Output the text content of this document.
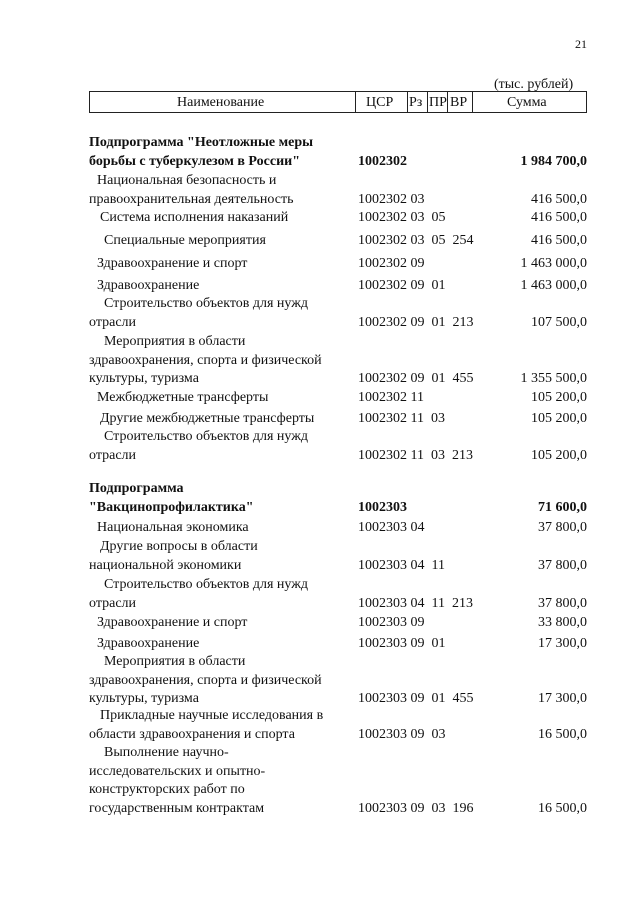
21
(тыс. рублей)
Наименование	ЦСР Рз ПР ВР	Сумма
Подпрограмма "Неотложные меры
борьбы с туберкулезом в России"	1002302	1 984 700,0
Национальная безопасность и
правоохранительная деятельность	1002302 03	416 500,0
Система исполнения наказаний	1002302 03  05	416 500,0
Специальные мероприятия	1002302 03  05  254	416 500,0
Здравоохранение и спорт	1002302 09	1 463 000,0
Здравоохранение	1002302 09  01	1 463 000,0
Строительство объектов для нужд
отрасли	1002302 09  01  213	107 500,0
Мероприятия в области
здравоохранения, спорта и физической
культуры, туризма	1002302 09  01  455	1 355 500,0
Межбюджетные трансферты	1002302 11	105 200,0
Другие межбюджетные трансферты	1002302 11  03	105 200,0
Строительство объектов для нужд
отрасли	1002302 11  03  213	105 200,0
Подпрограмма
"Вакцинопрофилактика"	1002303	71 600,0
Национальная экономика	1002303 04	37 800,0
Другие вопросы в области
национальной экономики	1002303 04  11	37 800,0
Строительство объектов для нужд
отрасли	1002303 04  11  213	37 800,0
Здравоохранение и спорт	1002303 09	33 800,0
Здравоохранение	1002303 09  01	17 300,0
Мероприятия в области
здравоохранения, спорта и физической
культуры, туризма	1002303 09  01  455	17 300,0
Прикладные научные исследования в
области здравоохранения и спорта	1002303 09  03	16 500,0
Выполнение научно-
исследовательских и опытно-
конструкторских работ по
государственным контрактам	1002303 09  03  196	16 500,0
